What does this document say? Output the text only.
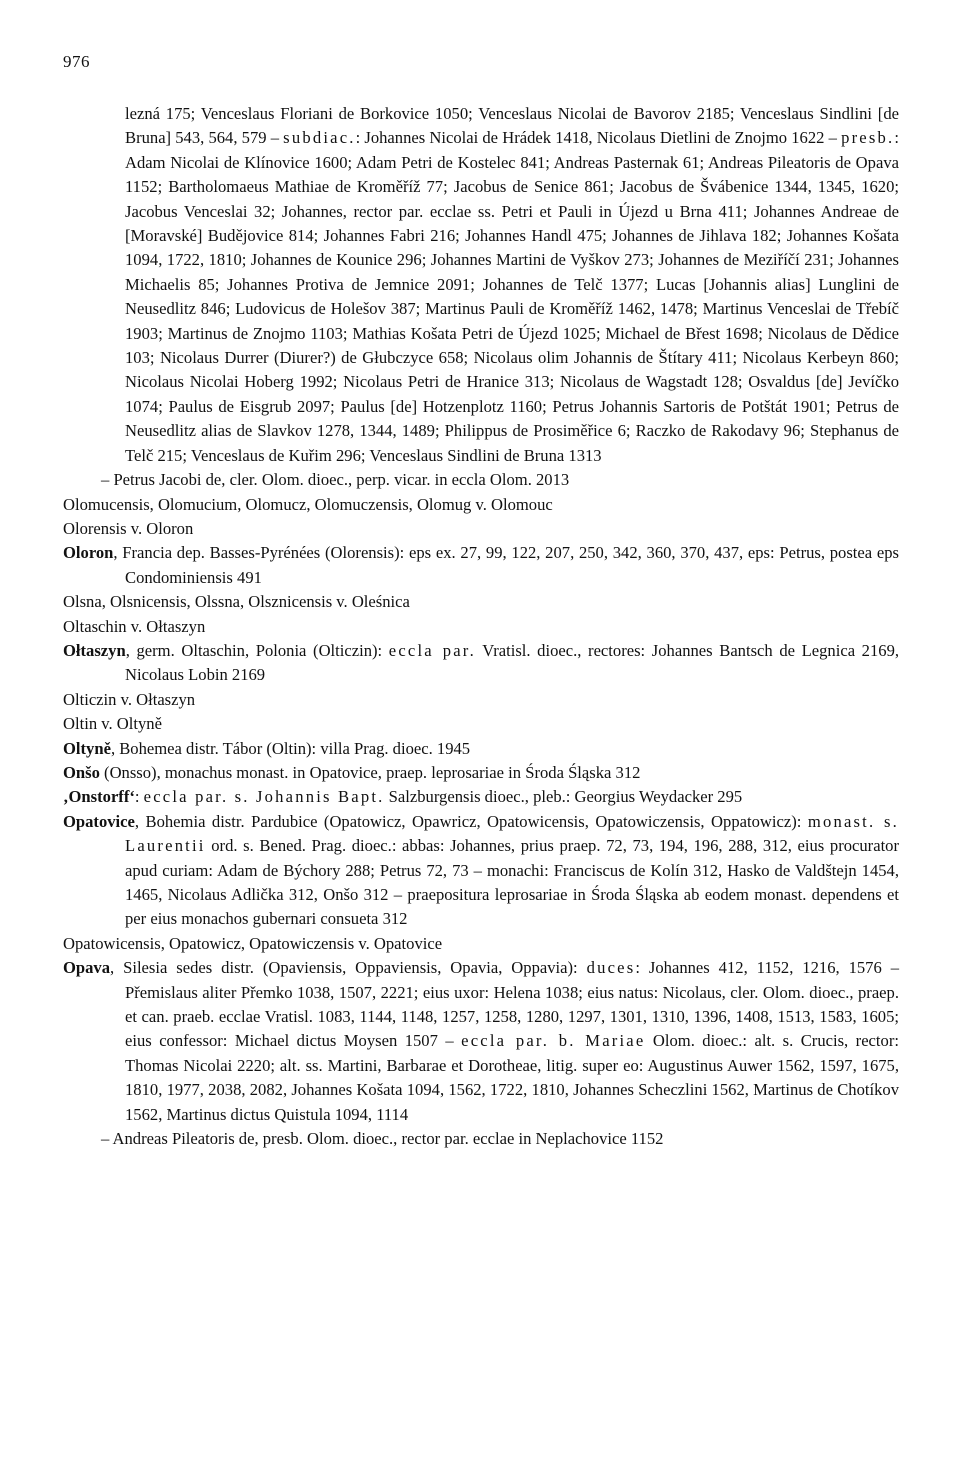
976

lezná 175; Venceslaus Floriani de Borkovice 1050; Venceslaus Nicolai de Bavorov 2185; Venceslaus Sindlini [de Bruna] 543, 564, 579 – subdiac.: Johannes Nicolai de Hrádek 1418, Nicolaus Dietlini de Znojmo 1622 – presb.: Adam Nicolai de Klínovice 1600; Adam Petri de Kostelec 841; Andreas Pasternak 61; Andreas Pileatoris de Opava 1152; Bartholomaeus Mathiae de Kroměříž 77; Jacobus de Senice 861; Jacobus de Švábenice 1344, 1345, 1620; Jacobus Venceslai 32; Johannes, rector par. ecclae ss. Petri et Pauli in Újezd u Brna 411; Johannes Andreae de [Moravské] Budějovice 814; Johannes Fabri 216; Johannes Handl 475; Johannes de Jihlava 182; Johannes Košata 1094, 1722, 1810; Johannes de Kounice 296; Johannes Martini de Vyškov 273; Johannes de Meziříčí 231; Johannes Michaelis 85; Johannes Protiva de Jemnice 2091; Johannes de Telč 1377; Lucas [Johannis alias] Lunglini de Neusedlitz 846; Ludovicus de Holešov 387; Martinus Pauli de Kroměříž 1462, 1478; Martinus Venceslai de Třebíč 1903; Martinus de Znojmo 1103; Mathias Košata Petri de Újezd 1025; Michael de Břest 1698; Nicolaus de Dědice 103; Nicolaus Durrer (Diurer?) de Głubczyce 658; Nicolaus olim Johannis de Štítary 411; Nicolaus Kerbeyn 860; Nicolaus Nicolai Hoberg 1992; Nicolaus Petri de Hranice 313; Nicolaus de Wagstadt 128; Osvaldus [de] Jevíčko 1074; Paulus de Eisgrub 2097; Paulus [de] Hotzenplotz 1160; Petrus Johannis Sartoris de Potštát 1901; Petrus de Neusedlitz alias de Slavkov 1278, 1344, 1489; Philippus de Prosiměřice 6; Raczko de Rakodavy 96; Stephanus de Telč 215; Venceslaus de Kuřim 296; Venceslaus Sindlini de Bruna 1313

– Petrus Jacobi de, cler. Olom. dioec., perp. vicar. in eccla Olom. 2013

Olomucensis, Olomucium, Olomucz, Olomuczensis, Olomug v. Olomouc

Olorensis v. Oloron

Oloron, Francia dep. Basses-Pyrénées (Olorensis): eps ex. 27, 99, 122, 207, 250, 342, 360, 370, 437, eps: Petrus, postea eps Condominiensis 491

Olsna, Olsnicensis, Olssna, Olsznicensis v. Oleśnica

Oltaschin v. Ołtaszyn

Ołtaszyn, germ. Oltaschin, Polonia (Olticzin): eccla par. Vratisl. dioec., rectores: Johannes Bantsch de Legnica 2169, Nicolaus Lobin 2169

Olticzin v. Ołtaszyn

Oltin v. Oltyně

Oltyně, Bohemea distr. Tábor (Oltin): villa Prag. dioec. 1945

Onšo (Onsso), monachus monast. in Opatovice, praep. leprosariae in Środa Śląska 312

‚Onstorff‘: eccla par. s. Johannis Bapt. Salzburgensis dioec., pleb.: Georgius Weydacker 295

Opatovice, Bohemia distr. Pardubice (Opatowicz, Opawricz, Opatowicensis, Opatowiczensis, Oppatowicz): monast. s. Laurentii ord. s. Bened. Prag. dioec.: abbas: Johannes, prius praep. 72, 73, 194, 196, 288, 312, eius procurator apud curiam: Adam de Býchory 288; Petrus 72, 73 – monachi: Franciscus de Kolín 312, Hasko de Valdštejn 1454, 1465, Nicolaus Adlička 312, Onšo 312 – praepositura leprosariae in Środa Śląska ab eodem monast. dependens et per eius monachos gubernari consueta 312

Opatowicensis, Opatowicz, Opatowiczensis v. Opatovice

Opava, Silesia sedes distr. (Opaviensis, Oppaviensis, Opavia, Oppavia): duces: Johannes 412, 1152, 1216, 1576 – Přemislaus aliter Přemko 1038, 1507, 2221; eius uxor: Helena 1038; eius natus: Nicolaus, cler. Olom. dioec., praep. et can. praeb. ecclae Vratisl. 1083, 1144, 1148, 1257, 1258, 1280, 1297, 1301, 1310, 1396, 1408, 1513, 1583, 1605; eius confessor: Michael dictus Moysen 1507 – eccla par. b. Mariae Olom. dioec.: alt. s. Crucis, rector: Thomas Nicolai 2220; alt. ss. Martini, Barbarae et Dorotheae, litig. super eo: Augustinus Auwer 1562, 1597, 1675, 1810, 1977, 2038, 2082, Johannes Košata 1094, 1562, 1722, 1810, Johannes Scheczlini 1562, Martinus de Chotíkov 1562, Martinus dictus Quistula 1094, 1114

– Andreas Pileatoris de, presb. Olom. dioec., rector par. ecclae in Neplachovice 1152
